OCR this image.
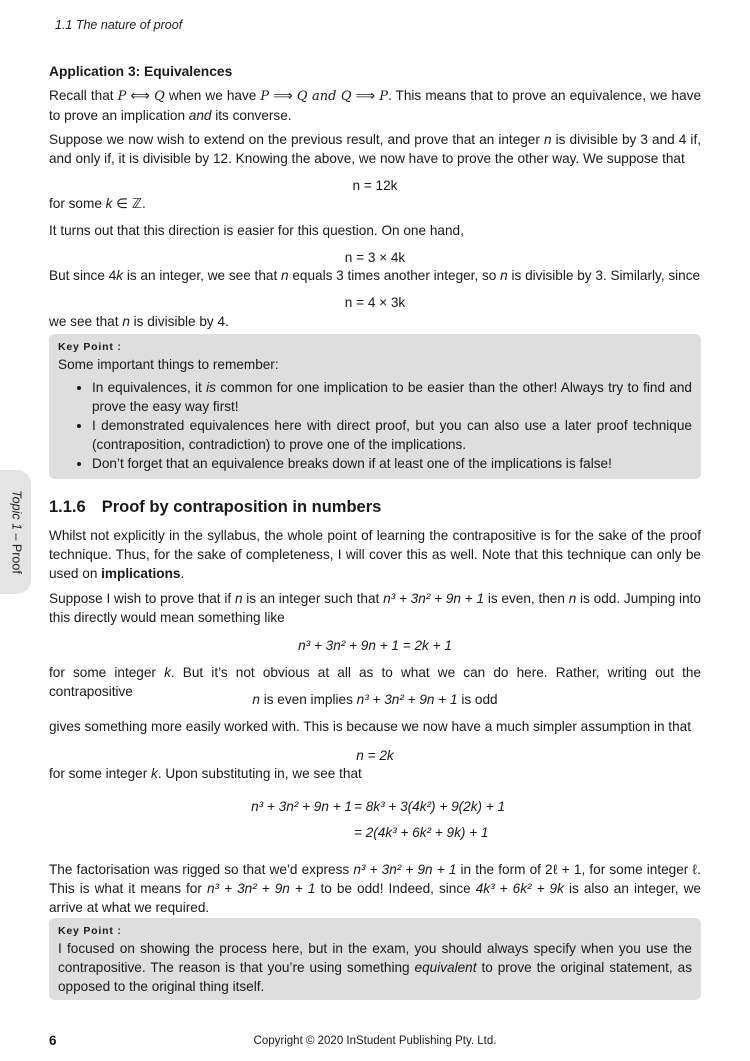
1.1 The nature of proof
Topic 1 – Proof
Application 3: Equivalences
Recall that P ⟺ Q when we have P ⟹ Q and Q ⟹ P. This means that to prove an equivalence, we have to prove an implication and its converse.
Suppose we now wish to extend on the previous result, and prove that an integer n is divisible by 3 and 4 if, and only if, it is divisible by 12. Knowing the above, we now have to prove the other way. We suppose that
n = 12k
for some k ∈ ℤ.
It turns out that this direction is easier for this question. On one hand,
n = 3 × 4k
But since 4k is an integer, we see that n equals 3 times another integer, so n is divisible by 3. Similarly, since
n = 4 × 3k
we see that n is divisible by 4.
Key Point :
Some important things to remember:
• In equivalences, it is common for one implication to be easier than the other! Always try to find and prove the easy way first!
• I demonstrated equivalences here with direct proof, but you can also use a later proof technique (contraposition, contradiction) to prove one of the implications.
• Don’t forget that an equivalence breaks down if at least one of the implications is false!
1.1.6 Proof by contraposition in numbers
Whilst not explicitly in the syllabus, the whole point of learning the contrapositive is for the sake of the proof technique. Thus, for the sake of completeness, I will cover this as well. Note that this technique can only be used on implications.
Suppose I wish to prove that if n is an integer such that n³ + 3n² + 9n + 1 is even, then n is odd. Jumping into this directly would mean something like
n³ + 3n² + 9n + 1 = 2k + 1
for some integer k. But it’s not obvious at all as to what we can do here. Rather, writing out the contrapositive
n is even implies n³ + 3n² + 9n + 1 is odd
gives something more easily worked with. This is because we now have a much simpler assumption in that
n = 2k
for some integer k. Upon substituting in, we see that
n³ + 3n² + 9n + 1 = 8k³ + 3(4k²) + 9(2k) + 1
= 2(4k³ + 6k² + 9k) + 1
The factorisation was rigged so that we’d express n³ + 3n² + 9n + 1 in the form of 2ℓ + 1, for some integer ℓ. This is what it means for n³ + 3n² + 9n + 1 to be odd! Indeed, since 4k³ + 6k² + 9k is also an integer, we arrive at what we required.
Key Point :
I focused on showing the process here, but in the exam, you should always specify when you use the contrapositive. The reason is that you’re using something equivalent to prove the original statement, as opposed to the original thing itself.
6	Copyright © 2020 InStudent Publishing Pty. Ltd.
